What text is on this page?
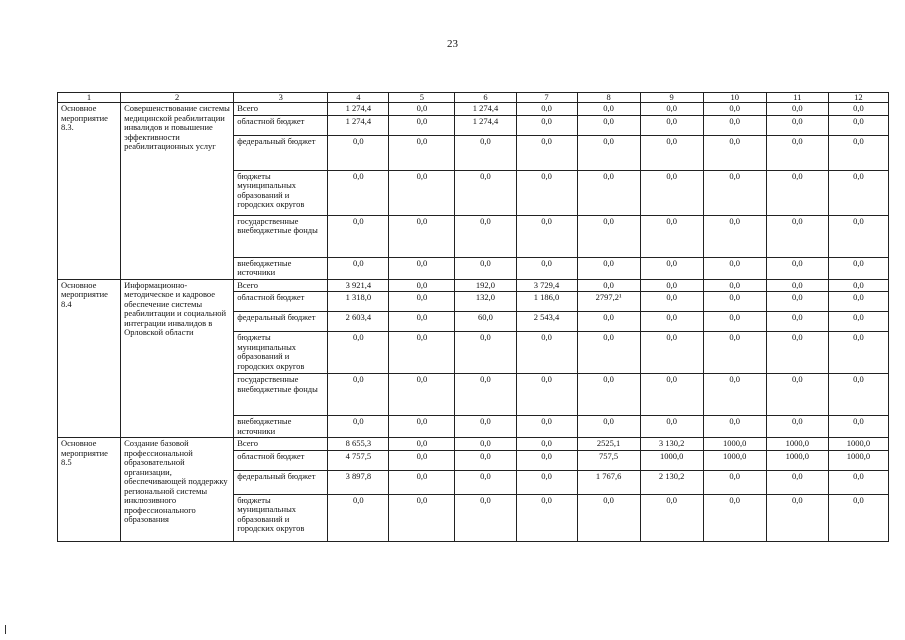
23
1	2	3	4	5	6	7	8	9	10	11	12
Основное мероприятие 8.3.	Совершенствование системы медицинской реабилитации инвалидов и повышение эффективности реабилитационных услуг	Всего	1 274,4	0,0	1 274,4	0,0	0,0	0,0	0,0	0,0	0,0
		областной бюджет	1 274,4	0,0	1 274,4	0,0	0,0	0,0	0,0	0,0	0,0
		федеральный бюджет	0,0	0,0	0,0	0,0	0,0	0,0	0,0	0,0	0,0
		бюджеты муниципальных образований и городских округов	0,0	0,0	0,0	0,0	0,0	0,0	0,0	0,0	0,0
		государственные внебюджетные фонды	0,0	0,0	0,0	0,0	0,0	0,0	0,0	0,0	0,0
		внебюджетные источники	0,0	0,0	0,0	0,0	0,0	0,0	0,0	0,0	0,0
Основное мероприятие 8.4	Информационно-методическое и кадровое обеспечение системы реабилитации и социальной интеграции инвалидов в Орловской области	Всего	3 921,4	0,0	192,0	3 729,4	0,0	0,0	0,0	0,0	0,0
		областной бюджет	1 318,0	0,0	132,0	1 186,0	2797,2¹	0,0	0,0	0,0	0,0
		федеральный бюджет	2 603,4	0,0	60,0	2 543,4	0,0	0,0	0,0	0,0	0,0
		бюджеты муниципальных образований и городских округов	0,0	0,0	0,0	0,0	0,0	0,0	0,0	0,0	0,0
		государственные внебюджетные фонды	0,0	0,0	0,0	0,0	0,0	0,0	0,0	0,0	0,0
		внебюджетные источники	0,0	0,0	0,0	0,0	0,0	0,0	0,0	0,0	0,0
Основное мероприятие 8.5	Создание базовой профессиональной образовательной организации, обеспечивающей поддержку региональной системы инклюзивного профессионального образования	Всего	8 655,3	0,0	0,0	0,0	2525,1	3 130,2	1000,0	1000,0	1000,0
		областной бюджет	4 757,5	0,0	0,0	0,0	757,5	1000,0	1000,0	1000,0	1000,0
		федеральный бюджет	3 897,8	0,0	0,0	0,0	1 767,6	2 130,2	0,0	0,0	0,0
		бюджеты муниципальных образований и городских округов	0,0	0,0	0,0	0,0	0,0	0,0	0,0	0,0	0,0
